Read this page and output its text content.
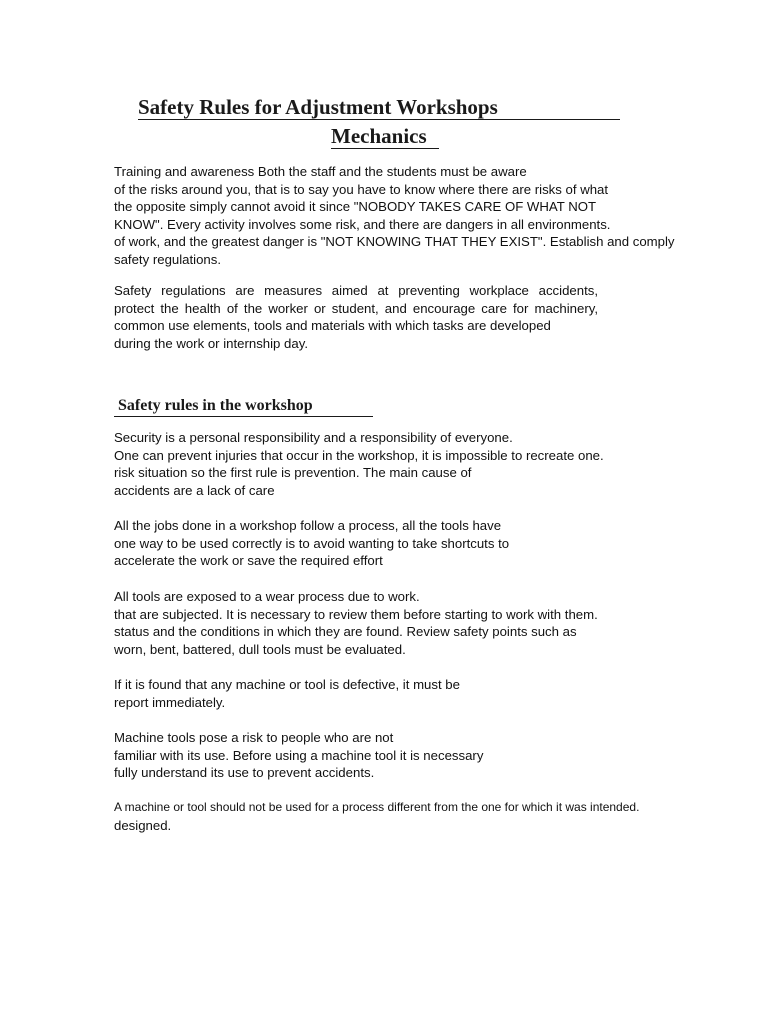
Safety Rules for Adjustment Workshops
Mechanics

Training and awareness Both the staff and the students must be aware
of the risks around you, that is to say you have to know where there are risks of what
the opposite simply cannot avoid it since "NOBODY TAKES CARE OF WHAT NOT
KNOW". Every activity involves some risk, and there are dangers in all environments.
of work, and the greatest danger is "NOT KNOWING THAT THEY EXIST". Establish and comply
safety regulations.

Safety regulations are measures aimed at preventing workplace accidents,
protect the health of the worker or student, and encourage care for machinery,
common use elements, tools and materials with which tasks are developed
during the work or internship day.

Safety rules in the workshop

Security is a personal responsibility and a responsibility of everyone.
One can prevent injuries that occur in the workshop, it is impossible to recreate one.
risk situation so the first rule is prevention. The main cause of
accidents are a lack of care

All the jobs done in a workshop follow a process, all the tools have
one way to be used correctly is to avoid wanting to take shortcuts to
accelerate the work or save the required effort

All tools are exposed to a wear process due to work.
that are subjected. It is necessary to review them before starting to work with them.
status and the conditions in which they are found. Review safety points such as
worn, bent, battered, dull tools must be evaluated.

If it is found that any machine or tool is defective, it must be
report immediately.

Machine tools pose a risk to people who are not
familiar with its use. Before using a machine tool it is necessary
fully understand its use to prevent accidents.

A machine or tool should not be used for a process different from the one for which it was intended.
designed.
